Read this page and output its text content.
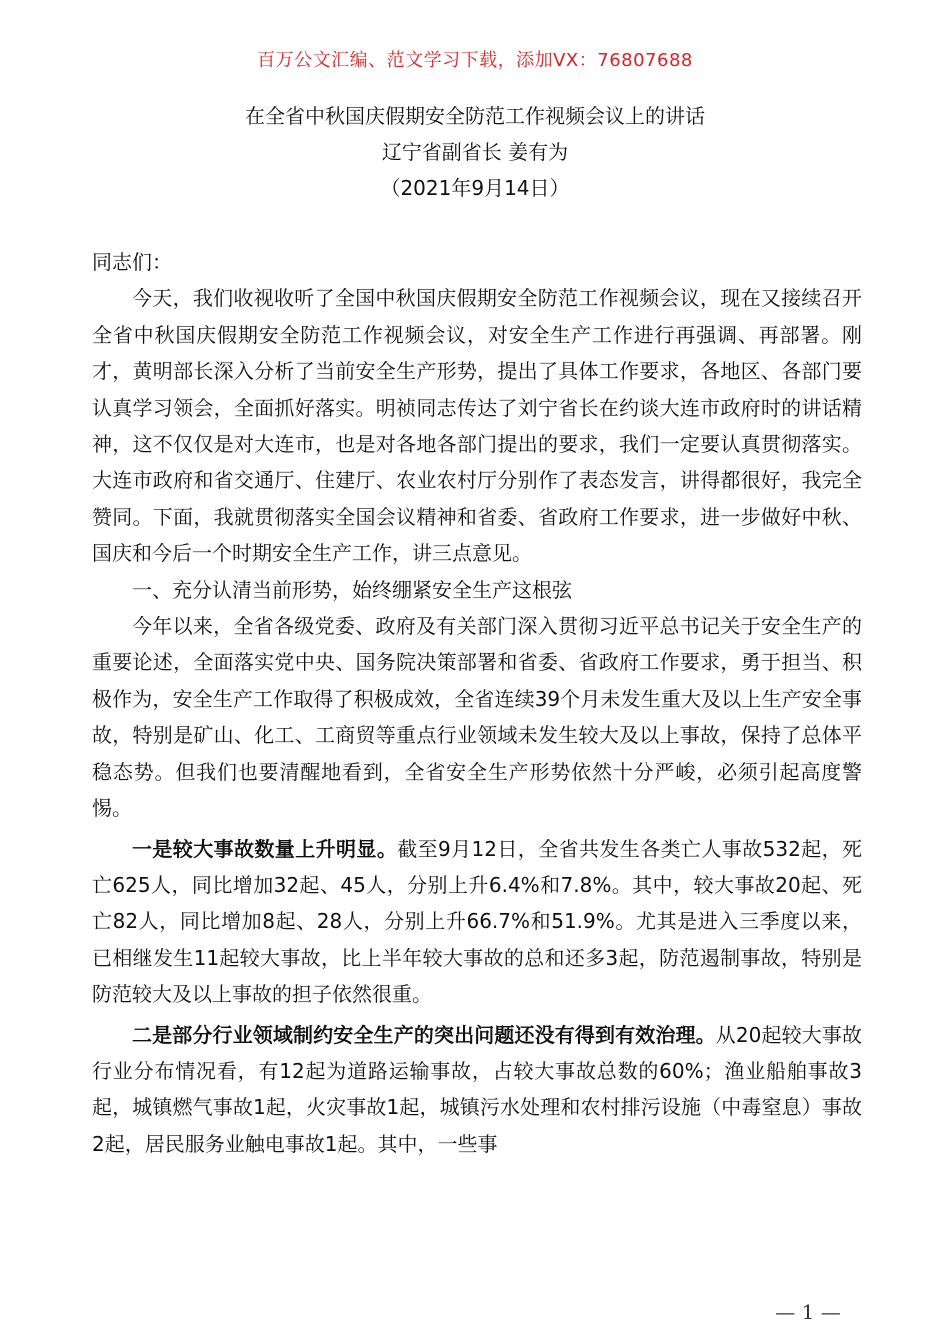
百万公文汇编、范文学习下载，添加VX：76807688
在全省中秋国庆假期安全防范工作视频会议上的讲话
辽宁省副省长 姜有为
（2021年9月14日）

同志们：

今天，我们收视收听了全国中秋国庆假期安全防范工作视频会议，现在又接续召开全省中秋国庆假期安全防范工作视频会议，对安全生产工作进行再强调、再部署。刚才，黄明部长深入分析了当前安全生产形势，提出了具体工作要求，各地区、各部门要认真学习领会，全面抓好落实。明祯同志传达了刘宁省长在约谈大连市政府时的讲话精神，这不仅仅是对大连市，也是对各地各部门提出的要求，我们一定要认真贯彻落实。大连市政府和省交通厅、住建厅、农业农村厅分别作了表态发言，讲得都很好，我完全赞同。下面，我就贯彻落实全国会议精神和省委、省政府工作要求，进一步做好中秋、国庆和今后一个时期安全生产工作，讲三点意见。

一、充分认清当前形势，始终绷紧安全生产这根弦

今年以来，全省各级党委、政府及有关部门深入贯彻习近平总书记关于安全生产的重要论述，全面落实党中央、国务院决策部署和省委、省政府工作要求，勇于担当、积极作为，安全生产工作取得了积极成效，全省连续39个月未发生重大及以上生产安全事故，特别是矿山、化工、工商贸等重点行业领域未发生较大及以上事故，保持了总体平稳态势。但我们也要清醒地看到，全省安全生产形势依然十分严峻，必须引起高度警惕。

一是较大事故数量上升明显。截至9月12日，全省共发生各类亡人事故532起，死亡625人，同比增加32起、45人，分别上升6.4%和7.8%。其中，较大事故20起、死亡82人，同比增加8起、28人，分别上升66.7%和51.9%。尤其是进入三季度以来，已相继发生11起较大事故，比上半年较大事故的总和还多3起，防范遏制事故，特别是防范较大及以上事故的担子依然很重。

二是部分行业领域制约安全生产的突出问题还没有得到有效治理。从20起较大事故行业分布情况看，有12起为道路运输事故，占较大事故总数的60%；渔业船舶事故3起，城镇燃气事故1起，火灾事故1起，城镇污水处理和农村排污设施（中毒窒息）事故2起，居民服务业触电事故1起。其中，一些事

— 1 —
